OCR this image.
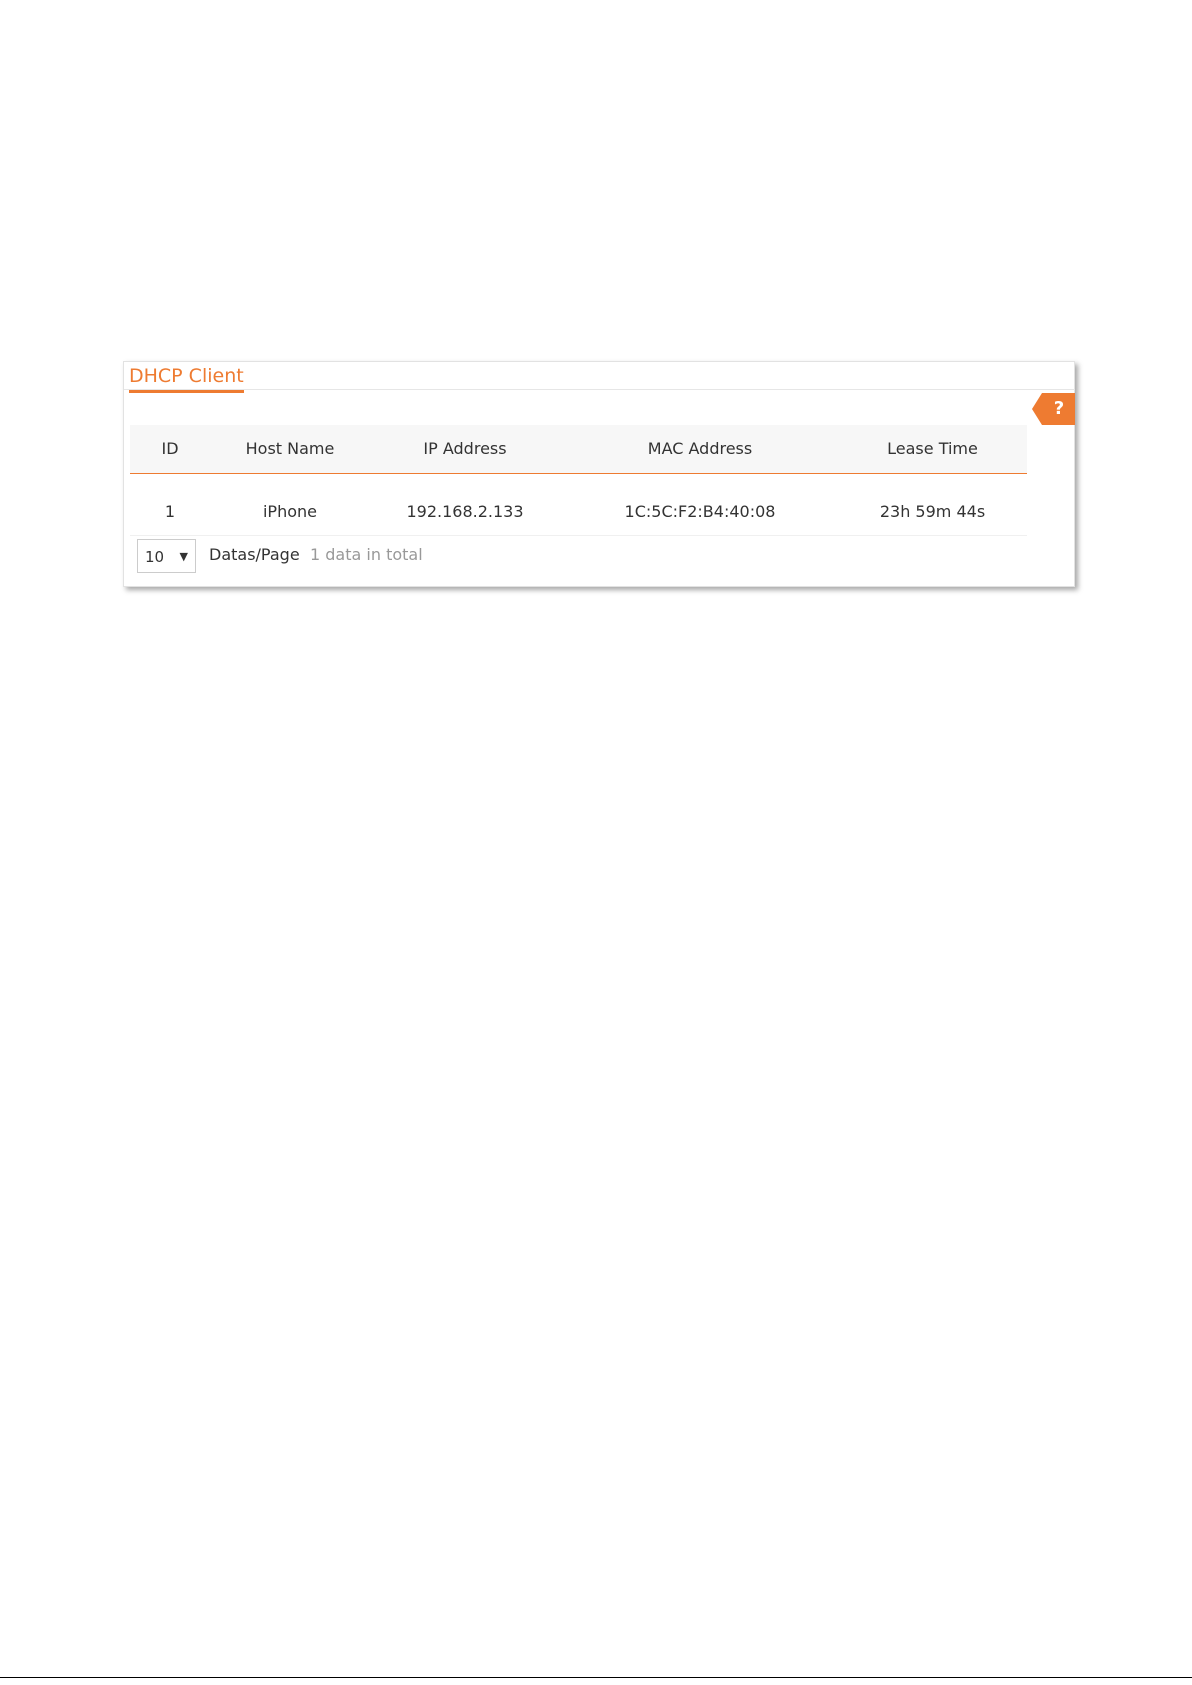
DHCP Client
?
ID	Host Name	IP Address	MAC Address	Lease Time
1	iPhone	192.168.2.133	1C:5C:F2:B4:40:08	23h 59m 44s
10 ▼ Datas/Page 1 data in total
